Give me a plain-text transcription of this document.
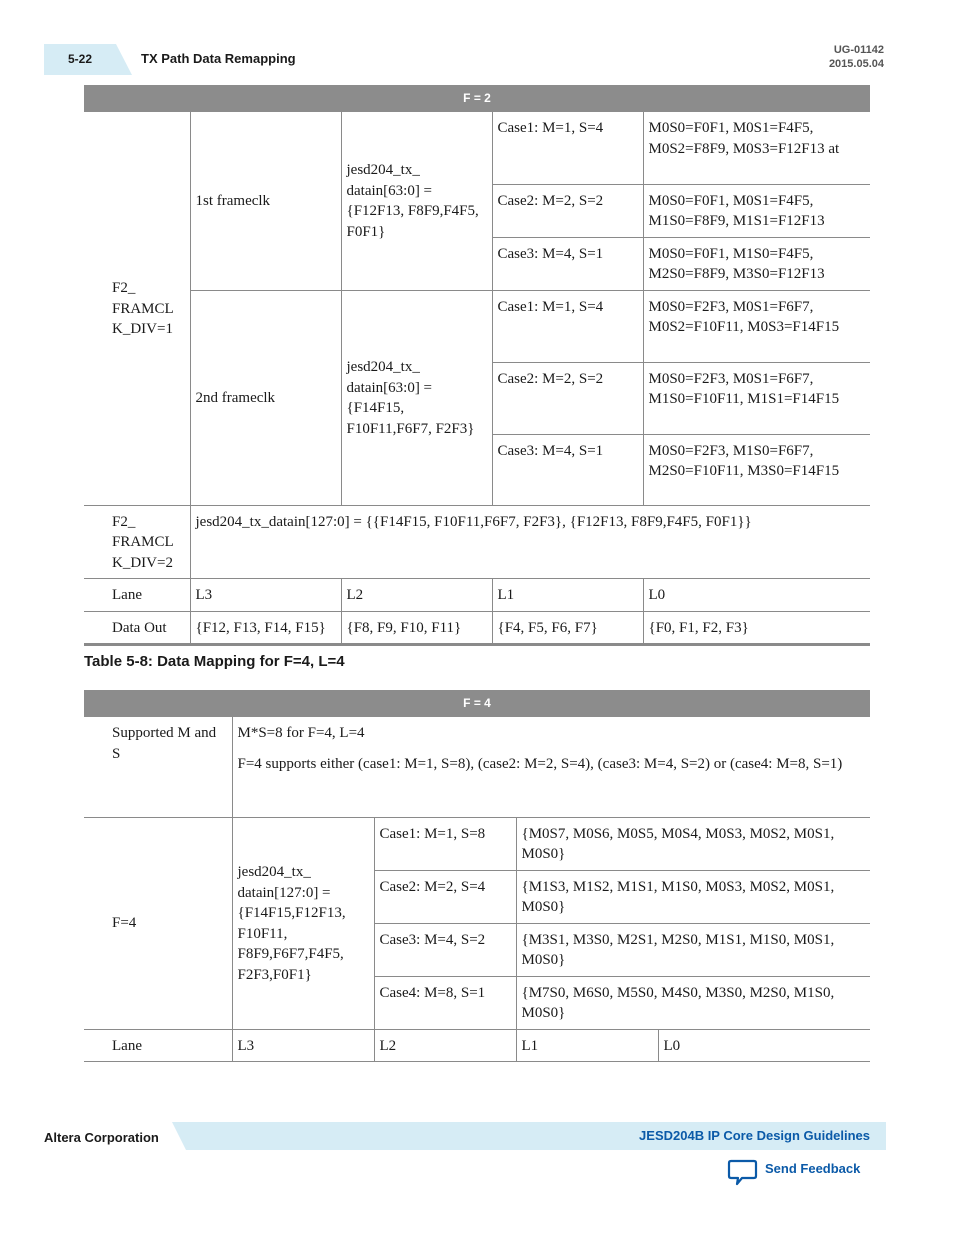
5-22	TX Path Data Remapping
UG-01142
2015.05.04
F = 2				
F2_ FRAMCL K_DIV=1	1st frameclk	jesd204_tx_ datain[63:0] = {F12F13, F8F9,F4F5, F0F1}	Case1: M=1, S=4	M0S0=F0F1, M0S1=F4F5, M0S2=F8F9, M0S3=F12F13 at
			Case2: M=2, S=2	M0S0=F0F1, M0S1=F4F5, M1S0=F8F9, M1S1=F12F13
			Case3: M=4, S=1	M0S0=F0F1, M1S0=F4F5, M2S0=F8F9, M3S0=F12F13
	2nd frameclk	jesd204_tx_ datain[63:0] = {F14F15, F10F11,F6F7, F2F3}	Case1: M=1, S=4	M0S0=F2F3, M0S1=F6F7, M0S2=F10F11, M0S3=F14F15
			Case2: M=2, S=2	M0S0=F2F3, M0S1=F6F7, M1S0=F10F11, M1S1=F14F15
			Case3: M=4, S=1	M0S0=F2F3, M1S0=F6F7, M2S0=F10F11, M3S0=F14F15
F2_ FRAMCL K_DIV=2	jesd204_tx_datain[127:0] = {{F14F15, F10F11,F6F7, F2F3}, {F12F13, F8F9,F4F5, F0F1}}			
Lane	L3	L2	L1	L0
Data Out	{F12, F13, F14, F15}	{F8, F9, F10, F11}	{F4, F5, F6, F7}	{F0, F1, F2, F3}
Table 5-8: Data Mapping for F=4, L=4
F = 4				
Supported M and S	M*S=8 for F=4, L=4
F=4 supports either (case1: M=1, S=8), (case2: M=2, S=4), (case3: M=4, S=2) or (case4: M=8, S=1)			

F=4	jesd204_tx_ datain[127:0] = {F14F15,F12F13, F10F11, F8F9,F6F7,F4F5, F2F3,F0F1}	Case1: M=1, S=8	{M0S7, M0S6, M0S5, M0S4, M0S3, M0S2, M0S1, M0S0}	
		Case2: M=2, S=4	{M1S3, M1S2, M1S1, M1S0, M0S3, M0S2, M0S1, M0S0}	
		Case3: M=4, S=2	{M3S1, M3S0, M2S1, M2S0, M1S1, M1S0, M0S1, M0S0}	
		Case4: M=8, S=1	{M7S0, M6S0, M5S0, M4S0, M3S0, M2S0, M1S0, M0S0}	
Lane	L3	L2	L1	L0
Altera Corporation	JESD204B IP Core Design Guidelines
Send Feedback
